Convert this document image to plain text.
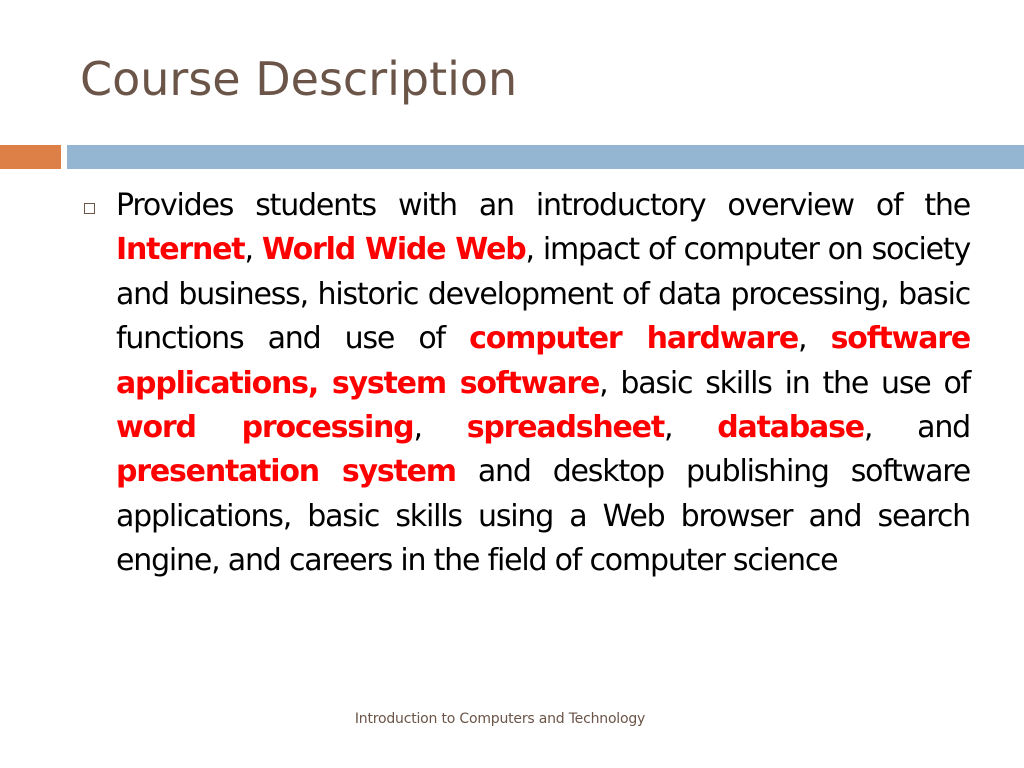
Course Description

Provides students with an introductory overview of the Internet, World Wide Web, impact of computer on society and business, historic development of data processing, basic functions and use of computer hardware, software applications, system software, basic skills in the use of word processing, spreadsheet, database, and presentation system and desktop publishing software applications, basic skills using a Web browser and search engine, and careers in the field of computer science

Introduction to Computers and Technology
